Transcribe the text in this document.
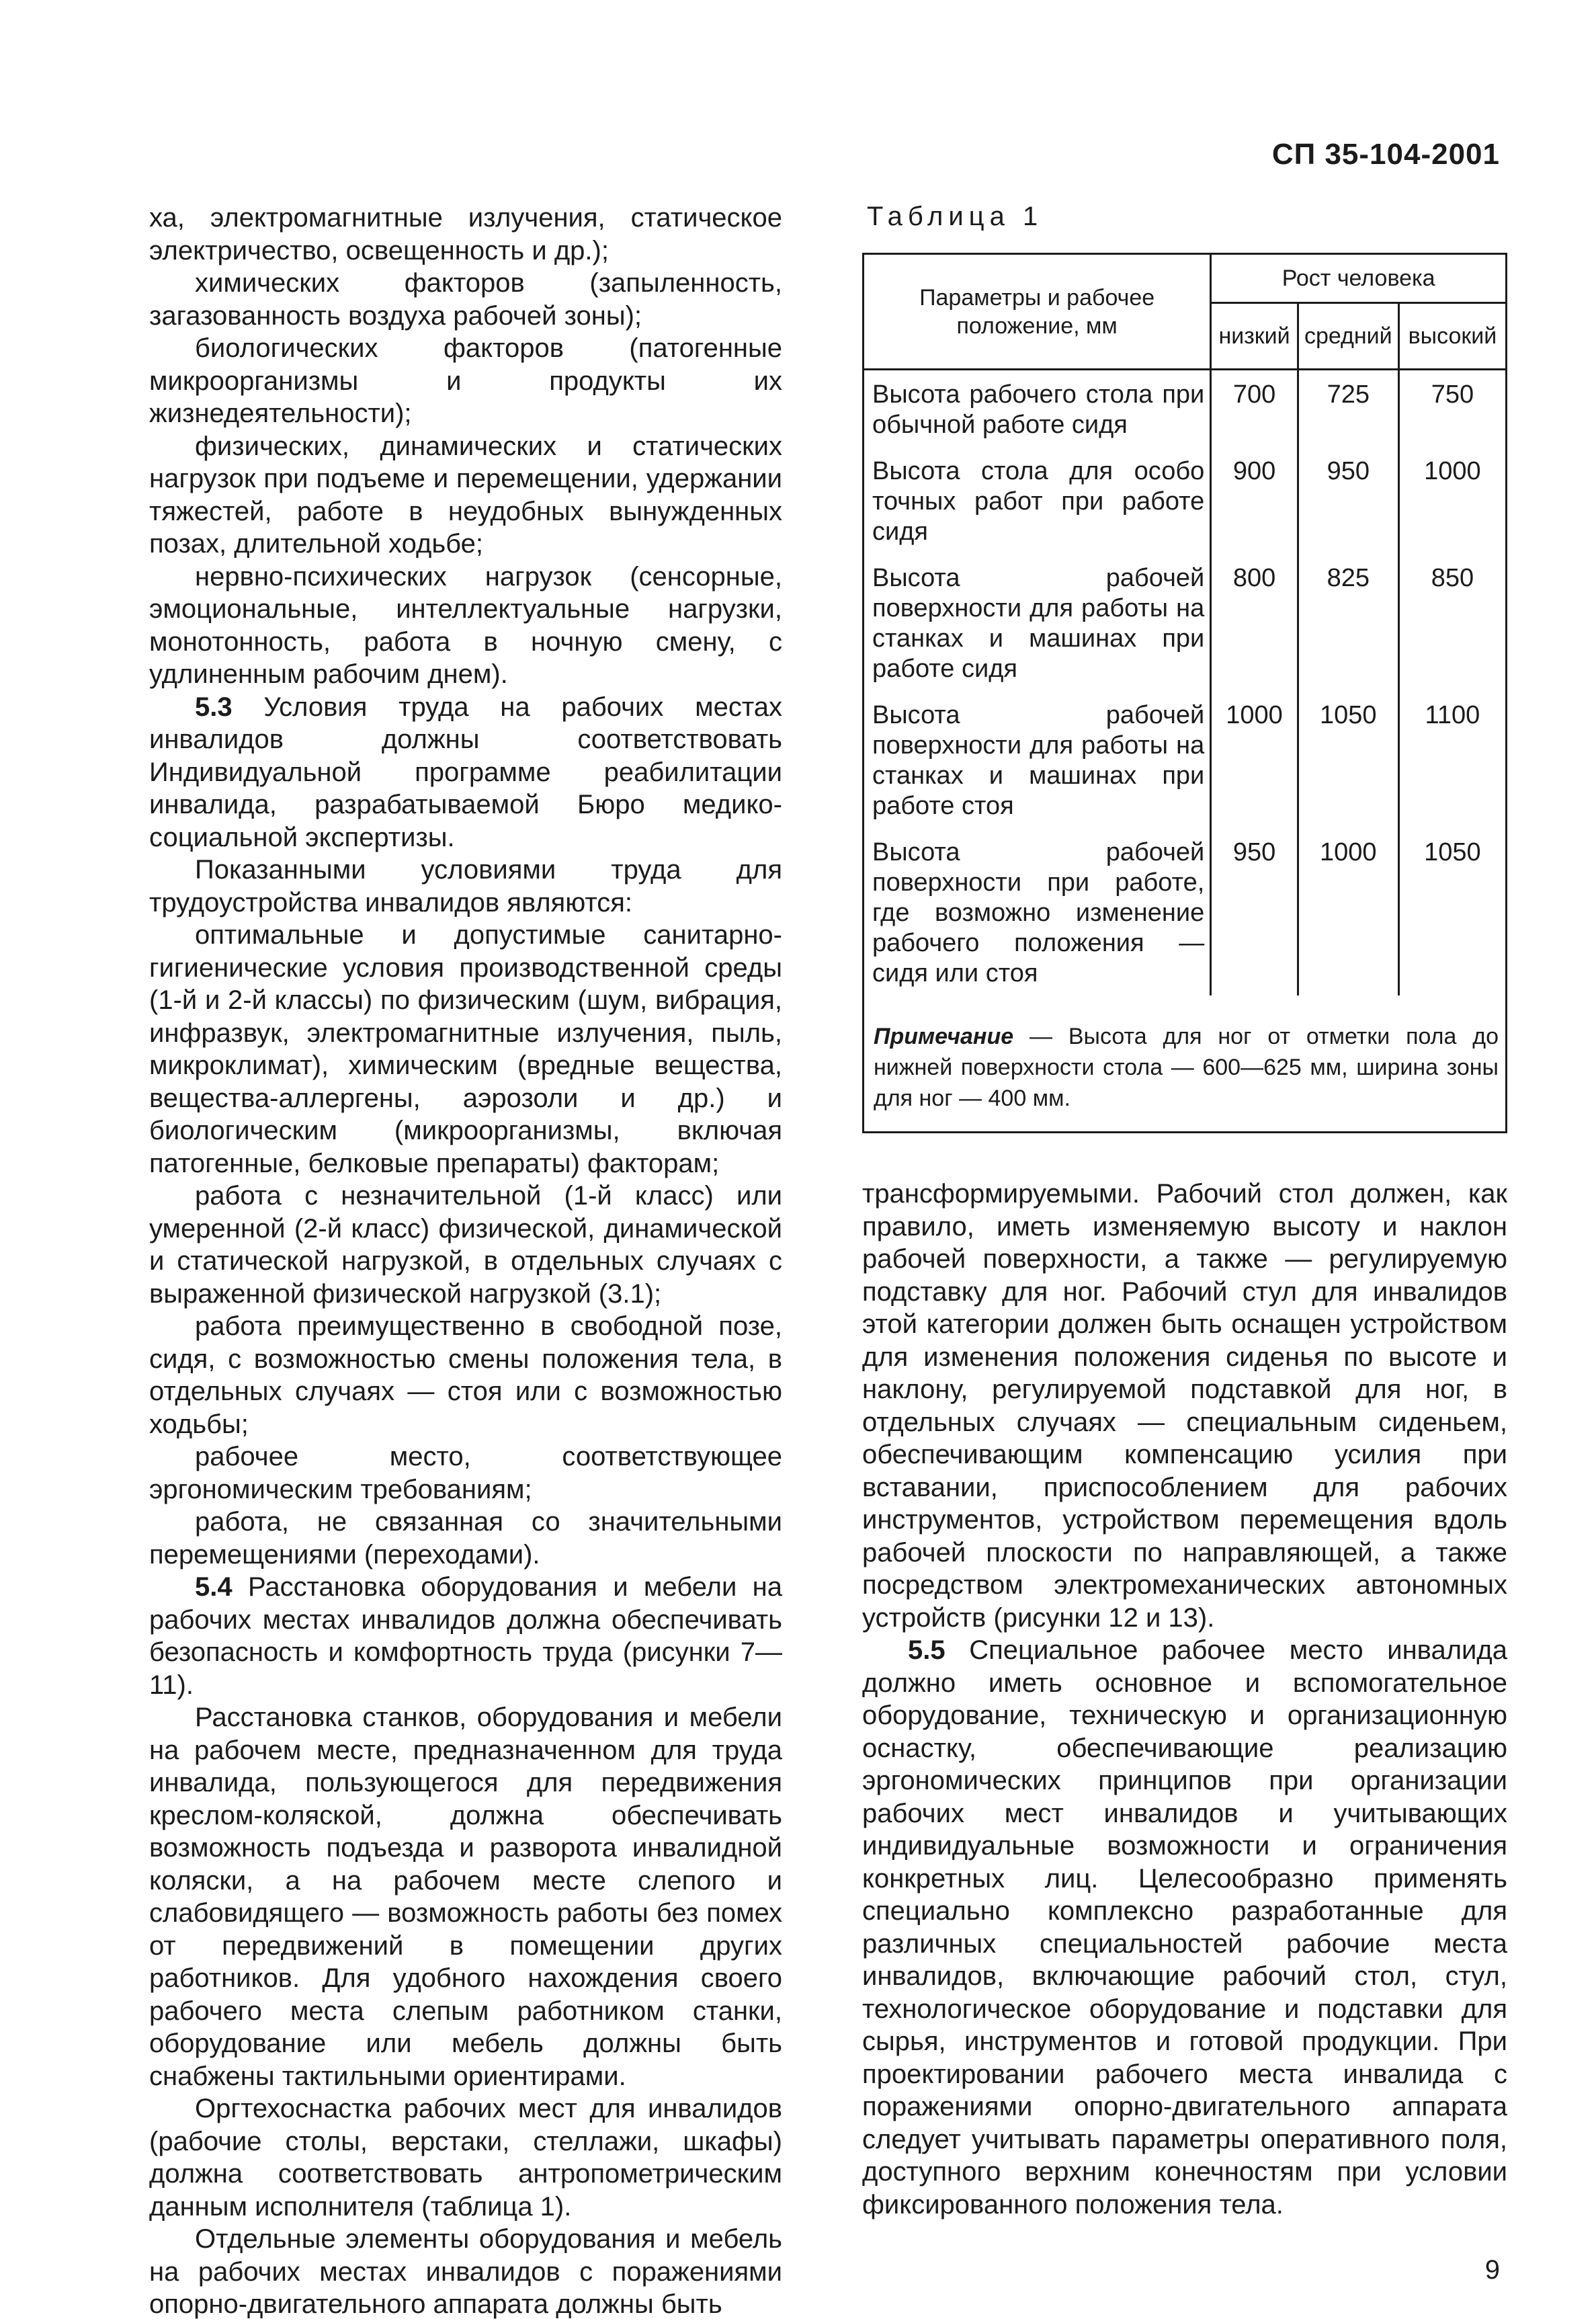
СП 35-104-2001

ха, электромагнитные излучения, статическое электричество, освещенность и др.);

химических факторов (запыленность, загазованность воздуха рабочей зоны);

биологических факторов (патогенные микроорганизмы и продукты их жизнедеятельности);

физических, динамических и статических нагрузок при подъеме и перемещении, удержании тяжестей, работе в неудобных вынужденных позах, длительной ходьбе;

нервно-психических нагрузок (сенсорные, эмоциональные, интеллектуальные нагрузки, монотонность, работа в ночную смену, с удлиненным рабочим днем).

5.3 Условия труда на рабочих местах инвалидов должны соответствовать Индивидуальной программе реабилитации инвалида, разрабатываемой Бюро медико-социальной экспертизы.

Показанными условиями труда для трудоустройства инвалидов являются:

оптимальные и допустимые санитарно-гигиенические условия производственной среды (1-й и 2-й классы) по физическим (шум, вибрация, инфразвук, электромагнитные излучения, пыль, микроклимат), химическим (вредные вещества, вещества-аллергены, аэрозоли и др.) и биологическим (микроорганизмы, включая патогенные, белковые препараты) факторам;

работа с незначительной (1-й класс) или умеренной (2-й класс) физической, динамической и статической нагрузкой, в отдельных случаях с выраженной физической нагрузкой (3.1);

работа преимущественно в свободной позе, сидя, с возможностью смены положения тела, в отдельных случаях — стоя или с возможностью ходьбы;

рабочее место, соответствующее эргономическим требованиям;

работа, не связанная со значительными перемещениями (переходами).

5.4 Расстановка оборудования и мебели на рабочих местах инвалидов должна обеспечивать безопасность и комфортность труда (рисунки 7—11).

Расстановка станков, оборудования и мебели на рабочем месте, предназначенном для труда инвалида, пользующегося для передвижения креслом-коляской, должна обеспечивать возможность подъезда и разворота инвалидной коляски, а на рабочем месте слепого и слабовидящего — возможность работы без помех от передвижений в помещении других работников. Для удобного нахождения своего рабочего места слепым работником станки, оборудование или мебель должны быть снабжены тактильными ориентирами.

Оргтехоснастка рабочих мест для инвалидов (рабочие столы, верстаки, стеллажи, шкафы) должна соответствовать антропометрическим данным исполнителя (таблица 1).

Отдельные элементы оборудования и мебель на рабочих местах инвалидов с поражениями опорно-двигательного аппарата должны быть

Таблица 1
Параметры и рабочее положение, мм	Рост человека		
	низкий	средний	высокий
Высота рабочего стола при обычной работе сидя	700	725	750
Высота стола для особо точных работ при работе сидя	900	950	1000
Высота рабочей поверхности для работы на станках и машинах при работе сидя	800	825	850
Высота рабочей поверхности для работы на станках и машинах при работе стоя	1000	1050	1100
Высота рабочей поверхности при работе, где возможно изменение рабочего положения — сидя или стоя	950	1000	1050
Примечание — Высота для ног от отметки пола до нижней поверхности стола — 600—625 мм, ширина зоны для ног — 400 мм.			

трансформируемыми. Рабочий стол должен, как правило, иметь изменяемую высоту и наклон рабочей поверхности, а также — регулируемую подставку для ног. Рабочий стул для инвалидов этой категории должен быть оснащен устройством для изменения положения сиденья по высоте и наклону, регулируемой подставкой для ног, в отдельных случаях — специальным сиденьем, обеспечивающим компенсацию усилия при вставании, приспособлением для рабочих инструментов, устройством перемещения вдоль рабочей плоскости по направляющей, а также посредством электромеханических автономных устройств (рисунки 12 и 13).

5.5 Специальное рабочее место инвалида должно иметь основное и вспомогательное оборудование, техническую и организационную оснастку, обеспечивающие реализацию эргономических принципов при организации рабочих мест инвалидов и учитывающих индивидуальные возможности и ограничения конкретных лиц. Целесообразно применять специально комплексно разработанные для различных специальностей рабочие места инвалидов, включающие рабочий стол, стул, технологическое оборудование и подставки для сырья, инструментов и готовой продукции. При проектировании рабочего места инвалида с поражениями опорно-двигательного аппарата следует учитывать параметры оперативного поля, доступного верхним конечностям при условии фиксированного положения тела.

9
